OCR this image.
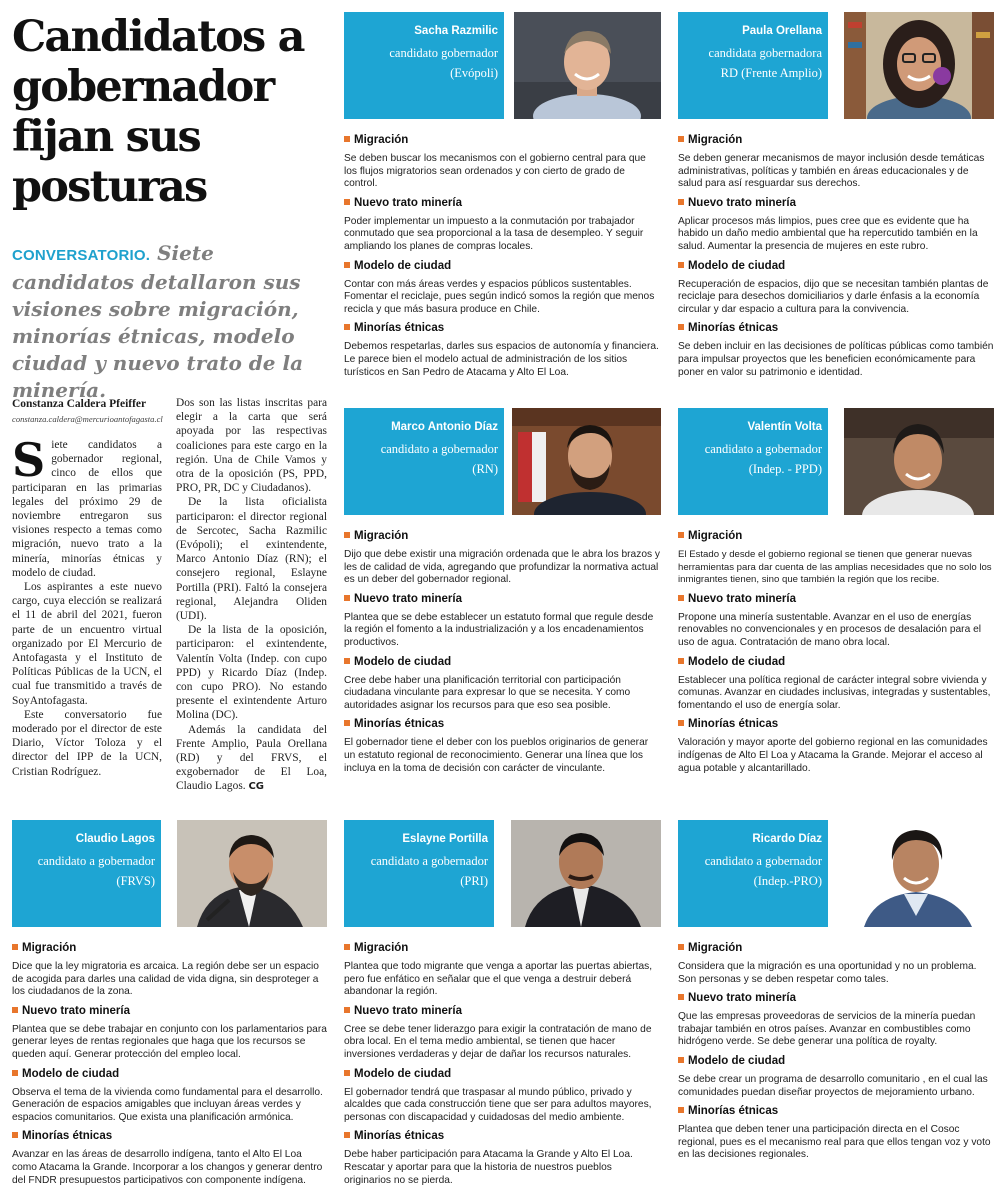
Candidatos a gobernador fijan sus posturas
CONVERSATORIO. Siete candidatos detallaron sus visiones sobre migración, minorías étnicas, modelo ciudad y nuevo trato de la minería.
Constanza Caldera Pfeiffer
constanza.caldera@mercurioantofagasta.cl

Siete candidatos a gobernador regional, cinco de ellos que participaran en las primarias legales del próximo 29 de noviembre entregaron sus visiones respecto a temas como migración, nuevo trato a la minería, minorías étnicas y modelo de ciudad.

Los aspirantes a este nuevo cargo, cuya elección se realizará el 11 de abril del 2021, fueron parte de un encuentro virtual organizado por El Mercurio de Antofagasta y el Instituto de Políticas Públicas de la UCN, el cual fue transmitido a través de SoyAntofagasta.

Este conversatorio fue moderado por el director de este Diario, Víctor Toloza y el director del IPP de la UCN, Cristian Rodríguez.

Dos son las listas inscritas para elegir a la carta que será apoyada por las respectivas coaliciones para este cargo en la región. Una de Chile Vamos y otra de la oposición (PS, PPD, PRO, PR, DC y Ciudadanos).

De la lista oficialista participaron: el director regional de Sercotec, Sacha Razmilic (Evópoli); el exintendente, Marco Antonio Díaz (RN); el consejero regional, Eslayne Portilla (PRI). Faltó la consejera regional, Alejandra Oliden (UDI).

De la lista de la oposición, participaron: el exintendente, Valentín Volta (Indep. con cupo PPD) y Ricardo Díaz (Indep. con cupo PRO). No estando presente el exintendente Arturo Molina (DC).

Además la candidata del Frente Amplio, Paula Orellana (RD) y del FRVS, el exgobernador de El Loa, Claudio Lagos. CG

Sacha Razmilic
candidato gobernador
(Evópoli)
Migración
Se deben buscar los mecanismos con el gobierno central para que los flujos migratorios sean ordenados y con cierto de grado de control.
Nuevo trato minería
Poder implementar un impuesto a la conmutación por trabajador conmutado que sea proporcional a la tasa de desempleo. Y seguir ampliando los planes de compras locales.
Modelo de ciudad
Contar con más áreas verdes y espacios públicos sustentables. Fomentar el reciclaje, pues según indicó somos la región que menos recicla y que más basura produce en Chile.
Minorías étnicas
Debemos respetarlas, darles sus espacios de autonomía y financiera. Le parece bien el modelo actual de administración de los sitios turísticos en San Pedro de Atacama y Alto El Loa.
Paula Orellana
candidata gobernadora
RD (Frente Amplio)
Migración
Se deben generar mecanismos de mayor inclusión desde temáticas administrativas, políticas y también en áreas educacionales y de salud para así resguardar sus derechos.
Nuevo trato minería
Aplicar procesos más limpios, pues cree que es evidente que ha habido un daño medio ambiental que ha repercutido también en la salud. Aumentar la presencia de mujeres en este rubro.
Modelo de ciudad
Recuperación de espacios, dijo que se necesitan también plantas de reciclaje para desechos domiciliarios y darle énfasis a la economía circular y dar espacio a cultura para la convivencia.
Minorías étnicas
Se deben incluir en las decisiones de políticas públicas como también para impulsar proyectos que les beneficien económicamente para poner en valor su patrimonio e identidad.
Marco Antonio Díaz
candidato a gobernador
(RN)
Migración
Dijo que debe existir una migración ordenada que le abra los brazos y les de calidad de vida, agregando que profundizar la normativa actual es un deber del gobernador regional.
Nuevo trato minería
Plantea que se debe establecer un estatuto formal que regule desde la región el fomento a la industrialización y a los encadenamientos productivos.
Modelo de ciudad
Cree debe haber una planificación territorial con participación ciudadana vinculante para expresar lo que se necesita. Y como autoridades asignar los recursos para que eso sea posible.
Minorías étnicas
El gobernador tiene el deber con los pueblos originarios de generar un estatuto regional de reconocimiento. Generar una línea que los incluya en la toma de decisión con carácter de vinculante.
Valentín Volta
candidato a gobernador
(Indep. - PPD)
Migración
El Estado y desde el gobierno regional se tienen que generar nuevas herramientas para dar cuenta de las amplias necesidades que no solo los inmigrantes tienen, sino que también la región que los recibe.
Nuevo trato minería
Propone una minería sustentable. Avanzar en el uso de energías renovables no convencionales y en procesos de desalación para el uso de agua. Contratación de mano obra local.
Modelo de ciudad
Establecer una política regional de carácter integral sobre vivienda y comunas. Avanzar en ciudades inclusivas, integradas y sustentables, fomentando el uso de energía solar.
Minorías étnicas
Valoración y mayor aporte del gobierno regional en las comunidades indígenas de Alto El Loa y Atacama la Grande. Mejorar el acceso al agua potable y alcantarillado.
Claudio Lagos
candidato a gobernador
(FRVS)
Migración
Dice que la ley migratoria es arcaica. La región debe ser un espacio de acogida para darles una calidad de vida digna, sin desproteger a los ciudadanos de la zona.
Nuevo trato minería
Plantea que se debe trabajar en conjunto con los parlamentarios para generar leyes de rentas regionales que haga que los recursos se queden aquí. Generar protección del empleo local.
Modelo de ciudad
Observa el tema de la vivienda como fundamental para el desarrollo. Generación de espacios amigables que incluyan áreas verdes y espacios comunitarios. Que exista una planificación armónica.
Minorías étnicas
Avanzar en las áreas de desarrollo indígena, tanto el Alto El Loa como Atacama la Grande. Incorporar a los changos y generar dentro del FNDR presupuestos participativos con componente indígena.
Eslayne Portilla
candidato a gobernador
(PRI)
Migración
Plantea que todo migrante que venga a aportar las puertas abiertas, pero fue enfático en señalar que el que venga a destruir deberá abandonar la región.
Nuevo trato minería
Cree se debe tener liderazgo para exigir la contratación de mano de obra local. En el tema medio ambiental, se tienen que hacer inversiones verdaderas y dejar de dañar los recursos naturales.
Modelo de ciudad
El gobernador tendrá que traspasar al mundo público, privado y alcaldes que cada construcción tiene que ser para adultos mayores, personas con discapacidad y cuidadosas del medio ambiente.
Minorías étnicas
Debe haber participación para Atacama la Grande y Alto El Loa. Rescatar y aportar para que la historia de nuestros pueblos originarios no se pierda.
Ricardo Díaz
candidato a gobernador
(Indep.-PRO)
Migración
Considera que la migración es una oportunidad y no un problema. Son personas y se deben respetar como tales.
Nuevo trato minería
Que las empresas proveedoras de servicios de la minería puedan trabajar también en otros países. Avanzar en combustibles como hidrógeno verde. Se debe generar una política de royalty.
Modelo de ciudad
Se debe crear un programa de desarrollo comunitario , en el cual las comunidades puedan diseñar proyectos de mejoramiento urbano.
Minorías étnicas
Plantea que deben tener una participación directa en el Cosoc regional, pues es el mecanismo real para que ellos tengan voz y voto en las decisiones regionales.
